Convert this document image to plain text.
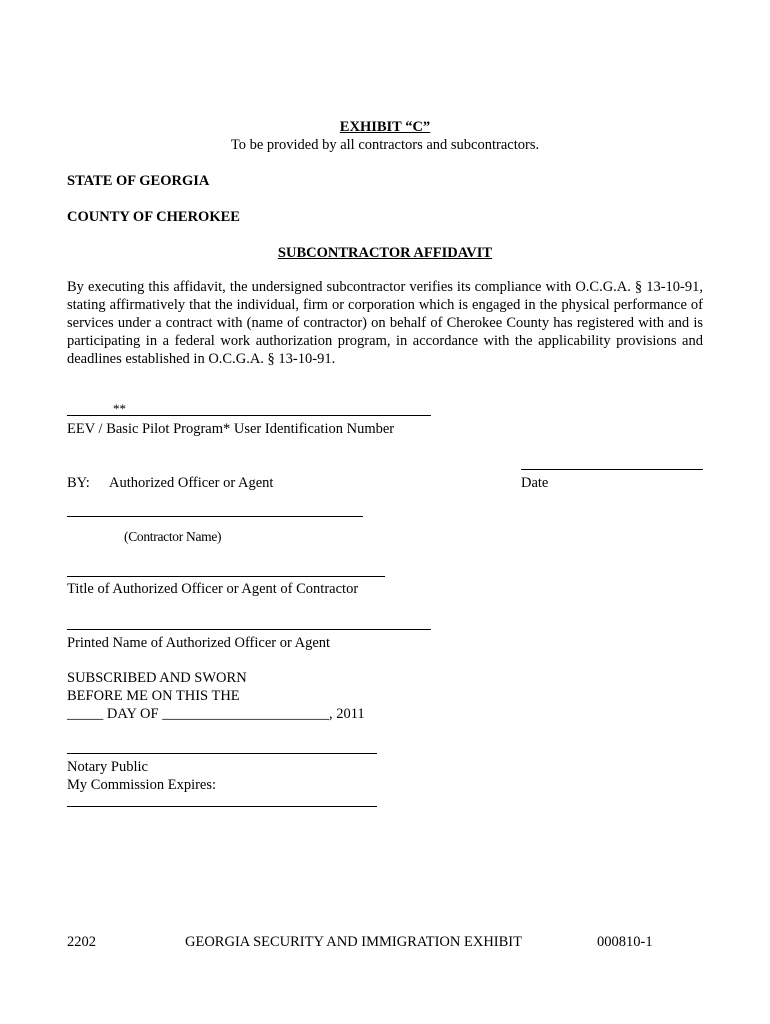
EXHIBIT “C”
To be provided by all contractors and subcontractors.
STATE OF GEORGIA
COUNTY OF CHEROKEE
SUBCONTRACTOR AFFIDAVIT
By executing this affidavit, the undersigned subcontractor verifies its compliance with O.C.G.A. § 13-10-91, stating affirmatively that the individual, firm or corporation which is engaged in the physical performance of services under a contract with (name of contractor) on behalf of Cherokee County has registered with and is participating in a federal work authorization program, in accordance with the applicability provisions and deadlines established in O.C.G.A. § 13-10-91.
**
EEV / Basic Pilot Program* User Identification Number
BY: Authorized Officer or Agent	Date
(Contractor Name)
Title of Authorized Officer or Agent of Contractor
Printed Name of Authorized Officer or Agent
SUBSCRIBED AND SWORN
BEFORE ME ON THIS THE
_____ DAY OF _______________________, 2011
Notary Public
My Commission Expires:
2202	GEORGIA SECURITY AND IMMIGRATION EXHIBIT	000810-1
